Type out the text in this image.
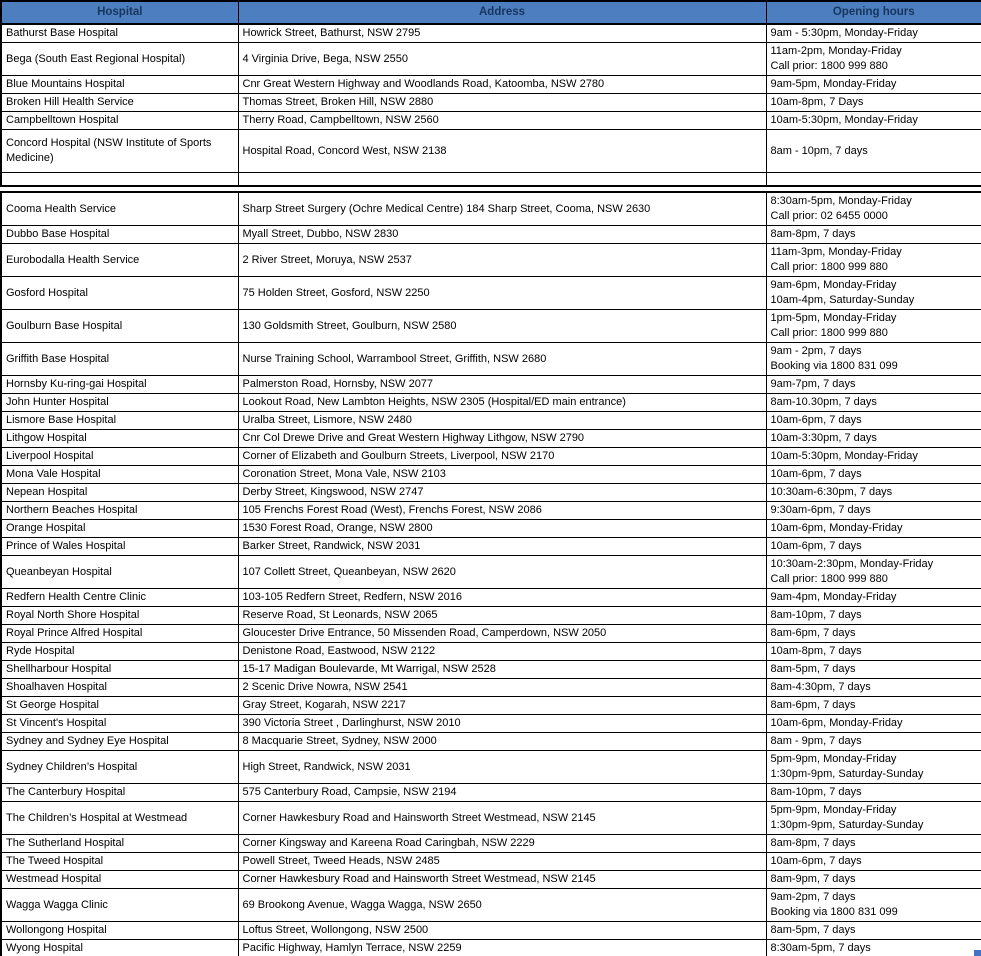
Hospital	Address	Opening hours
Bathurst Base Hospital	Howrick Street, Bathurst, NSW 2795	9am - 5:30pm, Monday-Friday

Bega (South East Regional Hospital)	4 Virginia Drive, Bega, NSW 2550	11am-2pm, Monday-Friday
Call prior: 1800 999 880

Blue Mountains Hospital	Cnr Great Western Highway and Woodlands Road, Katoomba, NSW 2780	9am-5pm, Monday-Friday

Broken Hill Health Service	Thomas Street, Broken Hill, NSW 2880	10am-8pm, 7 Days

Campbelltown Hospital	Therry Road, Campbelltown, NSW 2560	10am-5:30pm, Monday-Friday

Concord Hospital (NSW Institute of Sports Medicine)	Hospital Road, Concord West, NSW 2138	8am - 10pm, 7 days

Cooma Health Service	Sharp Street Surgery (Ochre Medical Centre) 184 Sharp Street, Cooma, NSW 2630	8:30am-5pm, Monday-Friday
Call prior: 02 6455 0000

Dubbo Base Hospital	Myall Street, Dubbo, NSW 2830	8am-8pm, 7 days

Eurobodalla Health Service	2 River Street, Moruya, NSW 2537	11am-3pm, Monday-Friday
Call prior: 1800 999 880

Gosford Hospital	75 Holden Street, Gosford, NSW 2250	9am-6pm, Monday-Friday
10am-4pm, Saturday-Sunday

Goulburn Base Hospital	130 Goldsmith Street, Goulburn, NSW 2580	1pm-5pm, Monday-Friday
Call prior: 1800 999 880

Griffith Base Hospital	Nurse Training School, Warrambool Street, Griffith, NSW 2680	9am - 2pm, 7 days
Booking via 1800 831 099

Hornsby Ku-ring-gai Hospital	Palmerston Road, Hornsby, NSW 2077	9am-7pm, 7 days

John Hunter Hospital	Lookout Road, New Lambton Heights, NSW 2305 (Hospital/ED main entrance)	8am-10.30pm, 7 days

Lismore Base Hospital	Uralba Street, Lismore, NSW 2480	10am-6pm, 7 days

Lithgow Hospital	Cnr Col Drewe Drive and Great Western Highway Lithgow, NSW 2790	10am-3:30pm, 7 days

Liverpool Hospital	Corner of Elizabeth and Goulburn Streets, Liverpool, NSW 2170	10am-5:30pm, Monday-Friday

Mona Vale Hospital	Coronation Street, Mona Vale, NSW 2103	10am-6pm, 7 days

Nepean Hospital	Derby Street, Kingswood, NSW 2747	10:30am-6:30pm, 7 days

Northern Beaches Hospital	105 Frenchs Forest Road (West), Frenchs Forest, NSW 2086	9:30am-6pm, 7 days

Orange Hospital	1530 Forest Road, Orange, NSW 2800	10am-6pm, Monday-Friday

Prince of Wales Hospital	Barker Street, Randwick, NSW 2031	10am-6pm, 7 days

Queanbeyan Hospital	107 Collett Street, Queanbeyan, NSW 2620	10:30am-2:30pm, Monday-Friday
Call prior: 1800 999 880

Redfern Health Centre Clinic	103-105 Redfern Street, Redfern, NSW 2016	9am-4pm, Monday-Friday

Royal North Shore Hospital	Reserve Road, St Leonards, NSW 2065	8am-10pm, 7 days

Royal Prince Alfred Hospital	Gloucester Drive Entrance, 50 Missenden Road, Camperdown, NSW 2050	8am-6pm, 7 days

Ryde Hospital	Denistone Road, Eastwood, NSW 2122	10am-8pm, 7 days

Shellharbour Hospital	15-17 Madigan Boulevarde, Mt Warrigal, NSW 2528	8am-5pm, 7 days

Shoalhaven Hospital	2 Scenic Drive Nowra, NSW 2541	8am-4:30pm, 7 days

St George Hospital	Gray Street, Kogarah, NSW 2217	8am-6pm, 7 days

St Vincent's Hospital	390 Victoria Street , Darlinghurst, NSW 2010	10am-6pm, Monday-Friday

Sydney and Sydney Eye Hospital	8 Macquarie Street, Sydney, NSW 2000	8am - 9pm, 7 days

Sydney Children’s Hospital	High Street, Randwick, NSW 2031	5pm-9pm, Monday-Friday
1:30pm-9pm, Saturday-Sunday

The Canterbury Hospital	575 Canterbury Road, Campsie, NSW 2194	8am-10pm, 7 days

The Children’s Hospital at Westmead	Corner Hawkesbury Road and Hainsworth Street Westmead, NSW 2145	5pm-9pm, Monday-Friday
1:30pm-9pm, Saturday-Sunday

The Sutherland Hospital	Corner Kingsway and Kareena Road Caringbah, NSW 2229	8am-8pm, 7 days

The Tweed Hospital	Powell Street, Tweed Heads, NSW 2485	10am-6pm, 7 days

Westmead Hospital	Corner Hawkesbury Road and Hainsworth Street Westmead, NSW 2145	8am-9pm, 7 days

Wagga Wagga Clinic	69 Brookong Avenue, Wagga Wagga, NSW 2650	9am-2pm, 7 days
Booking via 1800 831 099

Wollongong Hospital	Loftus Street, Wollongong, NSW 2500	8am-5pm, 7 days

Wyong Hospital	Pacific Highway, Hamlyn Terrace, NSW 2259	8:30am-5pm, 7 days
